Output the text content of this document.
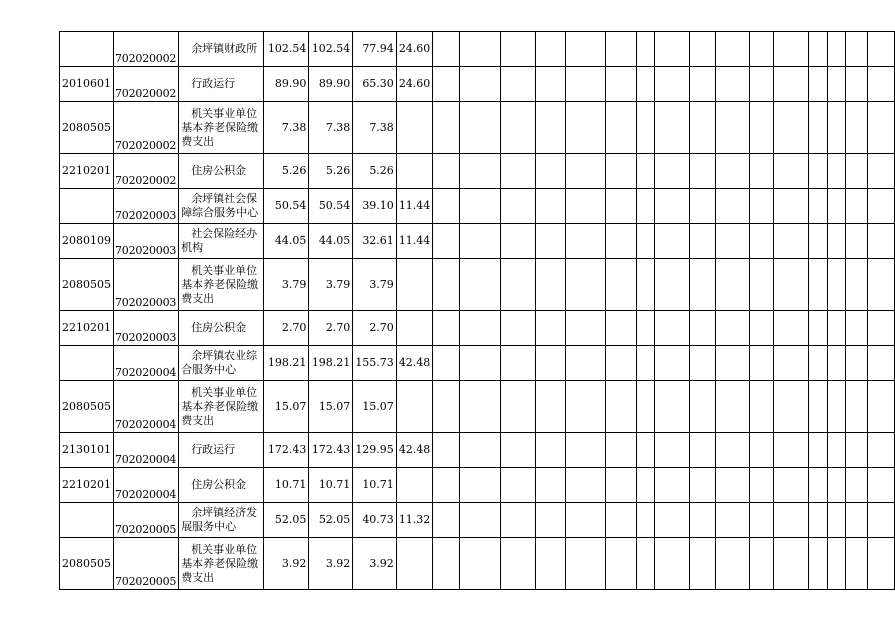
	702020002	余坪镇财政所	102.54	102.54	77.94	24.60																
2010601	702020002	行政运行	89.90	89.90	65.30	24.60																
2080505	702020002	机关事业单位基本养老保险缴费支出	7.38	7.38	7.38																	
2210201	702020002	住房公积金	5.26	5.26	5.26																	
	702020003	余坪镇社会保障综合服务中心	50.54	50.54	39.10	11.44																
2080109	702020003	社会保险经办机构	44.05	44.05	32.61	11.44																
2080505	702020003	机关事业单位基本养老保险缴费支出	3.79	3.79	3.79																	
2210201	702020003	住房公积金	2.70	2.70	2.70																	
	702020004	余坪镇农业综合服务中心	198.21	198.21	155.73	42.48																
2080505	702020004	机关事业单位基本养老保险缴费支出	15.07	15.07	15.07																	
2130101	702020004	行政运行	172.43	172.43	129.95	42.48																
2210201	702020004	住房公积金	10.71	10.71	10.71																	
	702020005	余坪镇经济发展服务中心	52.05	52.05	40.73	11.32																
2080505	702020005	机关事业单位基本养老保险缴费支出	3.92	3.92	3.92																	
